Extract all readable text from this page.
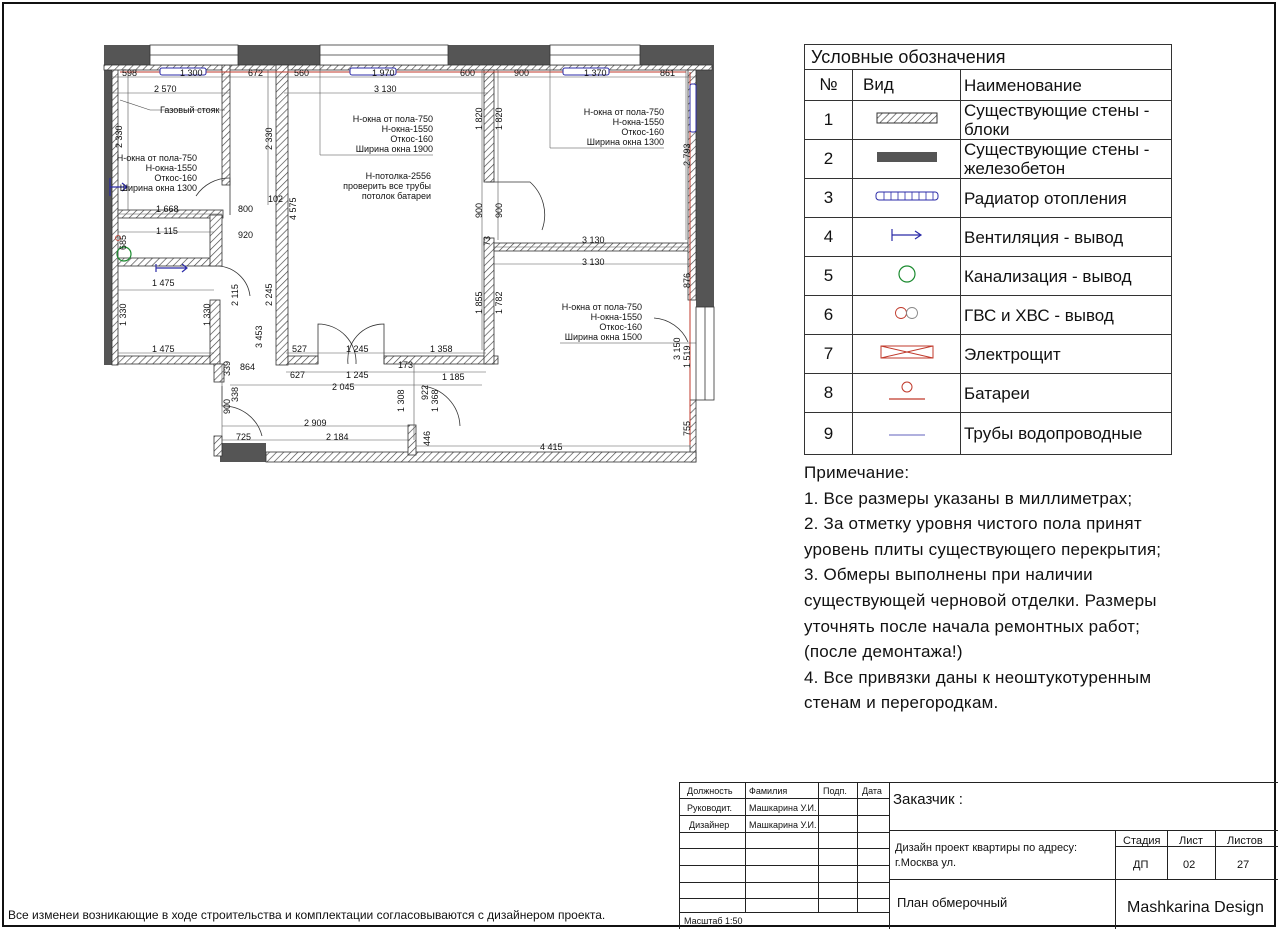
598	1 300	672	560	1 970	600	900	1 370	861
2 570	3 130
1 668	800
102
1 115	920
1 475
1 475	527	1 245	1 358
864
627	1 245
173
1 185
2 045
2 909
725	2 184
4 415
3 130
3 130
2 330	2 330
4 575
1 820 1 820
2 793
900 900
73
876
685
2 115	2 245
1 330	1 330
1 855 1 782
3 453
3 150 1 519
339
900
338	1 308 922 1 368
446
755
Газовый стояк
Н-окна от пола-750
Н-окна-1550
Откос-160
Ширина окна 1300
Н-окна от пола-750
Н-окна-1550
Откос-160
Ширина окна 1900
Н-потолка-2556
проверить все трубы
потолок батареи
Н-окна от пола-750
Н-окна-1550
Откос-160
Ширина окна 1300
Н-окна от пола-750
Н-окна-1550
Откос-160
Ширина окна 1500
Условные обозначения		
№	Вид	Наименование
1		Существующие стены - блоки
2		Существующие стены - железобетон
3		Радиатор отопления
4		Вентиляция - вывод
5		Канализация - вывод
6		ГВС и ХВС - вывод
7		Электрощит
8		Батареи
9		Трубы водопроводные
Примечание:
1. Все размеры указаны в миллиметрах;
2. За отметку уровня чистого пола принят
уровень плиты существующего перекрытия;
3. Обмеры выполнены при наличии
существующей черновой отделки. Размеры
уточнять после начала ремонтных работ;
(после демонтажа!)
4. Все привязки даны к неоштукотуренным
стенам и перегородкам.
Должность Фамилия	Подп. Дата
Руководит. Машкарина У.И.
Дизайнер Машкарина У.И.
Масштаб 1:50
Заказчик :
Дизайн проект квартиры по адресу:
г.Москва ул.
Стадия Лист Листов
ДП	02	27
План обмерочный	Mashkarina Design
Все изменеи возникающие в ходе строительства и комплектации согласовываются с дизайнером проекта.
